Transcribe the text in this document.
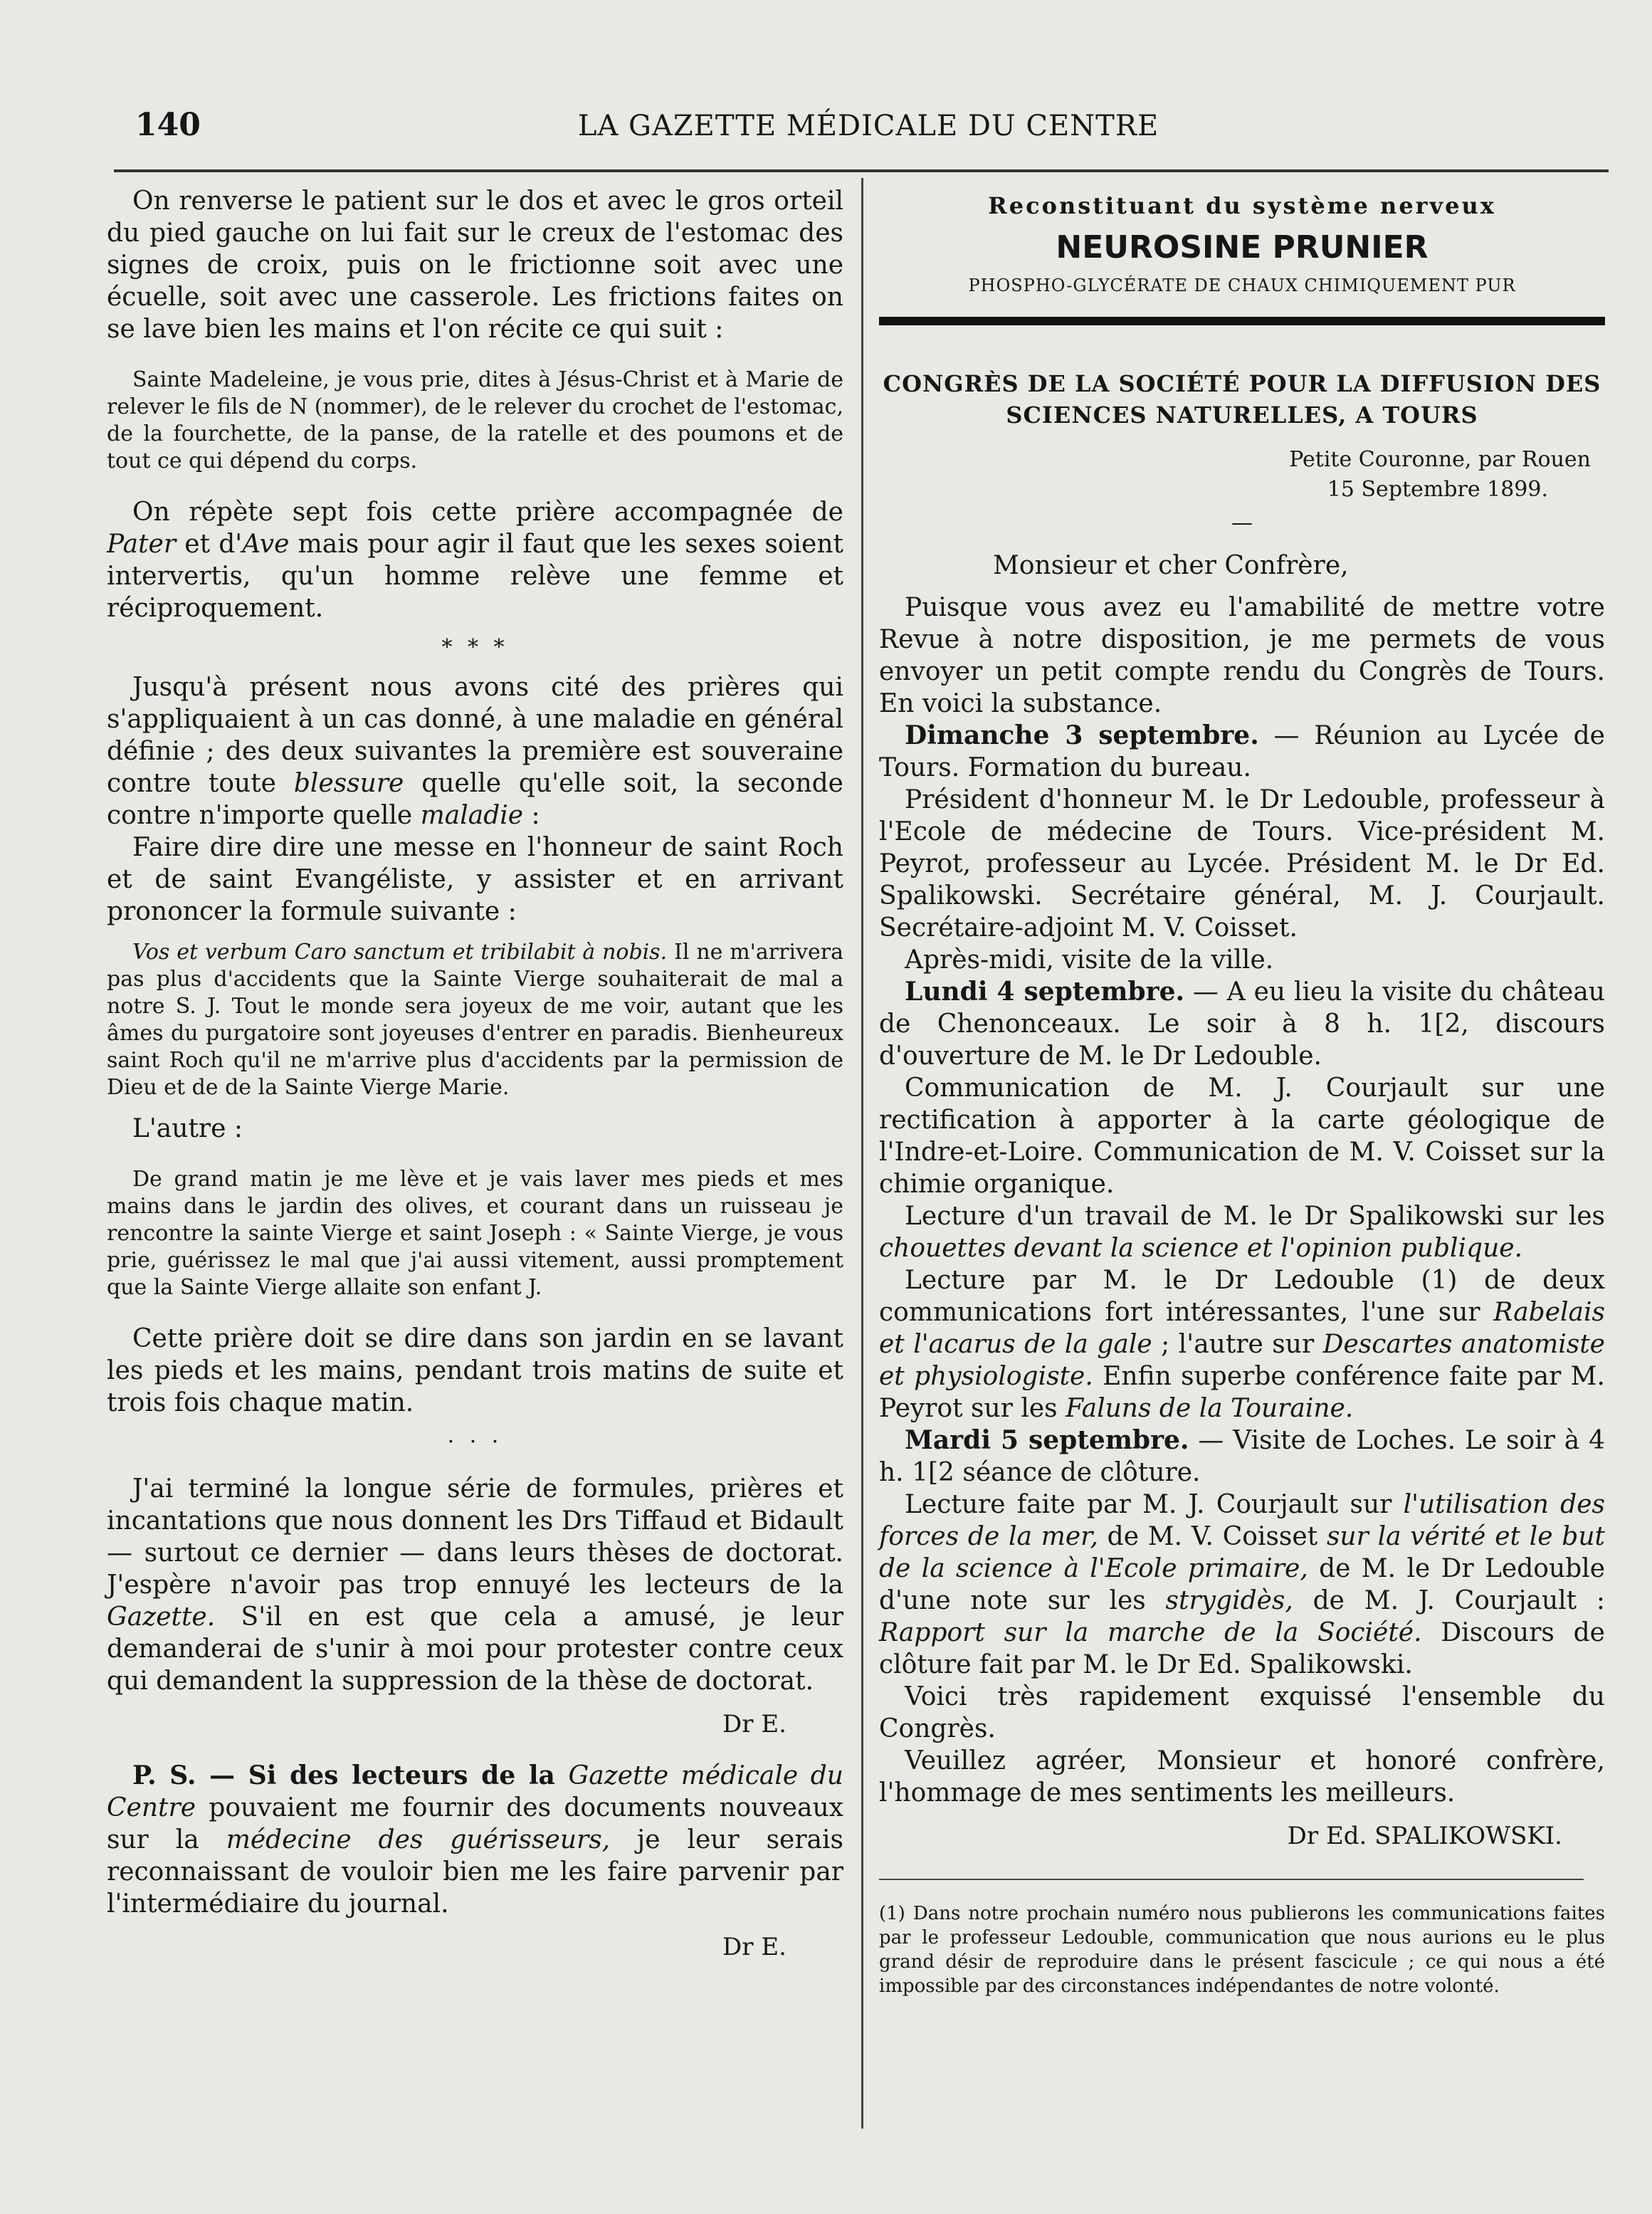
140	LA GAZETTE MÉDICALE DU CENTRE

On renverse le patient sur le dos et avec le gros orteil du pied gauche on lui fait sur le creux de l'estomac des signes de croix, puis on le frictionne soit avec une écuelle, soit avec une casserole. Les frictions faites on se lave bien les mains et l'on récite ce qui suit :

Sainte Madeleine, je vous prie, dites à Jésus-Christ et à Marie de relever le fils de N (nommer), de le relever du crochet de l'estomac, de la fourchette, de la panse, de la ratelle et des poumons et de tout ce qui dépend du corps.

On répète sept fois cette prière accompagnée de Pater et d'Ave mais pour agir il faut que les sexes soient intervertis, qu'un homme relève une femme et réciproquement.

* * *

Jusqu'à présent nous avons cité des prières qui s'appliquaient à un cas donné, à une maladie en général définie ; des deux suivantes la première est souveraine contre toute blessure quelle qu'elle soit, la seconde contre n'importe quelle maladie :

Faire dire dire une messe en l'honneur de saint Roch et de saint Evangéliste, y assister et en arrivant prononcer la formule suivante :

Vos et verbum Caro sanctum et tribilabit à nobis. Il ne m'arrivera pas plus d'accidents que la Sainte Vierge souhaiterait de mal a notre S. J. Tout le monde sera joyeux de me voir, autant que les âmes du purgatoire sont joyeuses d'entrer en paradis. Bienheureux saint Roch qu'il ne m'arrive plus d'accidents par la permission de Dieu et de de la Sainte Vierge Marie.

L'autre :

De grand matin je me lève et je vais laver mes pieds et mes mains dans le jardin des olives, et courant dans un ruisseau je rencontre la sainte Vierge et saint Joseph : « Sainte Vierge, je vous prie, guérissez le mal que j'ai aussi vitement, aussi promptement que la Sainte Vierge allaite son enfant J.

Cette prière doit se dire dans son jardin en se lavant les pieds et les mains, pendant trois matins de suite et trois fois chaque matin.

· · ·

J'ai terminé la longue série de formules, prières et incantations que nous donnent les Drs Tiffaud et Bidault — surtout ce dernier — dans leurs thèses de doctorat. J'espère n'avoir pas trop ennuyé les lecteurs de la Gazette. S'il en est que cela a amusé, je leur demanderai de s'unir à moi pour protester contre ceux qui demandent la suppression de la thèse de doctorat.

Dr E.

P. S. — Si des lecteurs de la Gazette médicale du Centre pouvaient me fournir des documents nouveaux sur la médecine des guérisseurs, je leur serais reconnaissant de vouloir bien me les faire parvenir par l'intermédiaire du journal.

Dr E.
Reconstituant du système nerveux
NEUROSINE PRUNIER
PHOSPHO-GLYCÉRATE DE CHAUX CHIMIQUEMENT PUR
CONGRÈS DE LA SOCIÉTÉ POUR LA DIFFUSION DES SCIENCES NATURELLES, A TOURS
Petite Couronne, par Rouen
15 Septembre 1899.
—

Monsieur et cher Confrère,

Puisque vous avez eu l'amabilité de mettre votre Revue à notre disposition, je me permets de vous envoyer un petit compte rendu du Congrès de Tours. En voici la substance.

Dimanche 3 septembre. — Réunion au Lycée de Tours. Formation du bureau.

Président d'honneur M. le Dr Ledouble, professeur à l'Ecole de médecine de Tours. Vice-président M. Peyrot, professeur au Lycée. Président M. le Dr Ed. Spalikowski. Secrétaire général, M. J. Courjault. Secrétaire-adjoint M. V. Coisset.

Après-midi, visite de la ville.

Lundi 4 septembre. — A eu lieu la visite du château de Chenonceaux. Le soir à 8 h. 1[2, discours d'ouverture de M. le Dr Ledouble.

Communication de M. J. Courjault sur une rectification à apporter à la carte géologique de l'Indre-et-Loire. Communication de M. V. Coisset sur la chimie organique.

Lecture d'un travail de M. le Dr Spalikowski sur les chouettes devant la science et l'opinion publique.

Lecture par M. le Dr Ledouble (1) de deux communications fort intéressantes, l'une sur Rabelais et l'acarus de la gale ; l'autre sur Descartes anatomiste et physiologiste. Enfin superbe conférence faite par M. Peyrot sur les Faluns de la Touraine.

Mardi 5 septembre. — Visite de Loches. Le soir à 4 h. 1[2 séance de clôture.

Lecture faite par M. J. Courjault sur l'utilisation des forces de la mer, de M. V. Coisset sur la vérité et le but de la science à l'Ecole primaire, de M. le Dr Ledouble d'une note sur les strygidès, de M. J. Courjault : Rapport sur la marche de la Société. Discours de clôture fait par M. le Dr Ed. Spalikowski.

Voici très rapidement exquissé l'ensemble du Congrès.

Veuillez agréer, Monsieur et honoré confrère, l'hommage de mes sentiments les meilleurs.

Dr Ed. SPALIKOWSKI.

(1) Dans notre prochain numéro nous publierons les communications faites par le professeur Ledouble, communication que nous aurions eu le plus grand désir de reproduire dans le présent fascicule ; ce qui nous a été impossible par des circonstances indépendantes de notre volonté.
